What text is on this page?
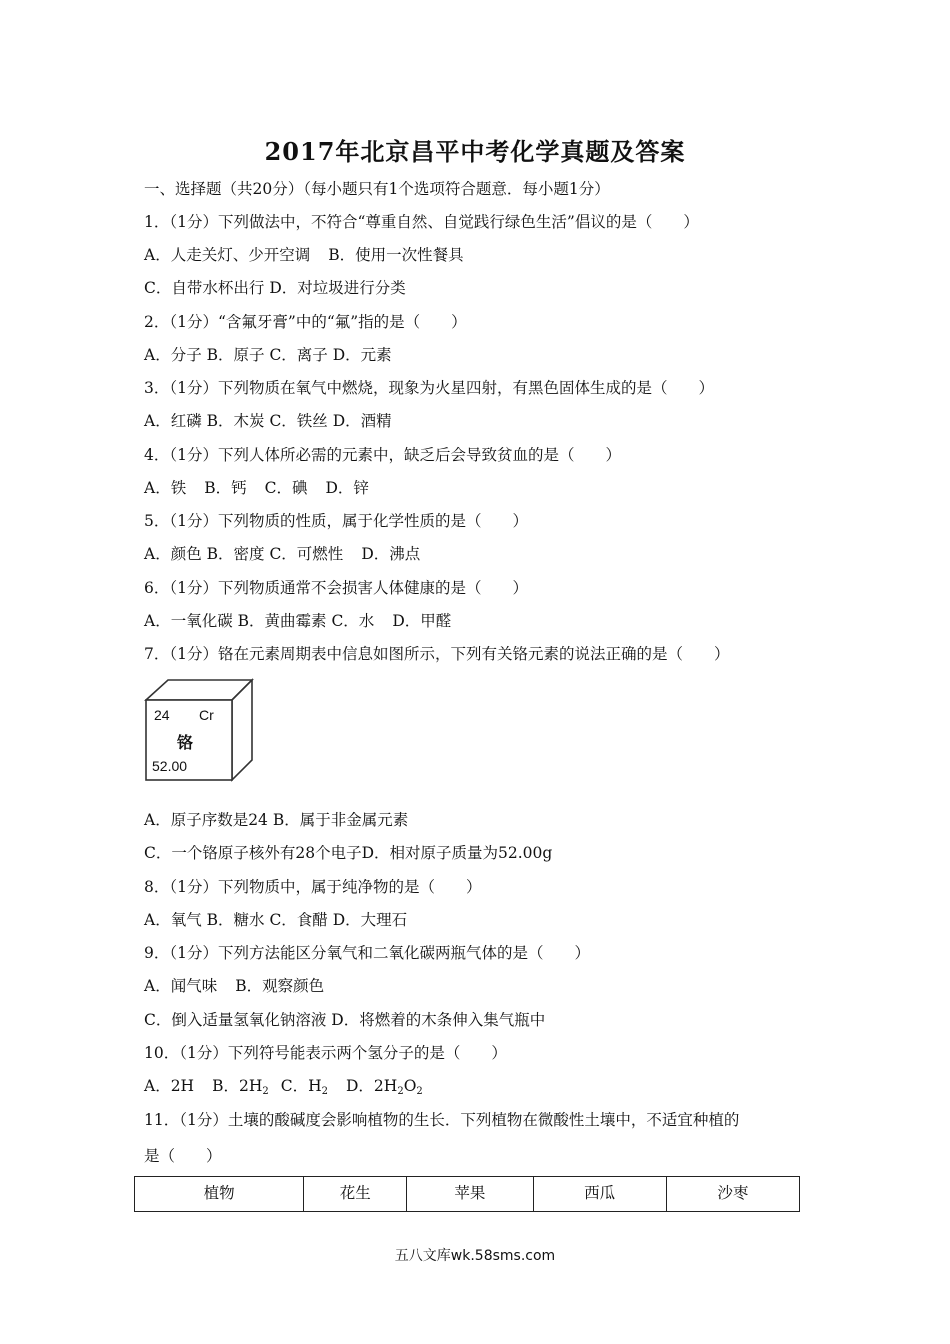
2017年北京昌平中考化学真题及答案
一、选择题（共20分）（每小题只有1个选项符合题意．每小题1分）
1．（1分）下列做法中，不符合“尊重自然、自觉践行绿色生活”倡议的是（　　）
A．人走关灯、少开空调 B．使用一次性餐具
C．自带水杯出行 D．对垃圾进行分类
2．（1分）“含氟牙膏”中的“氟”指的是（　　）
A．分子 B．原子 C．离子 D．元素
3．（1分）下列物质在氧气中燃烧，现象为火星四射，有黑色固体生成的是（　　）
A．红磷 B．木炭 C．铁丝 D．酒精
4．（1分）下列人体所必需的元素中，缺乏后会导致贫血的是（　　）
A．铁 B．钙 C．碘 D．锌
5．（1分）下列物质的性质，属于化学性质的是（　　）
A．颜色 B．密度 C．可燃性 D．沸点
6．（1分）下列物质通常不会损害人体健康的是（　　）
A．一氧化碳 B．黄曲霉素 C．水 D．甲醛
7．（1分）铬在元素周期表中信息如图所示，下列有关铬元素的说法正确的是（　　）
24 Cr
铬
52.00
A．原子序数是24 B．属于非金属元素
C．一个铬原子核外有28个电子D．相对原子质量为52.00g
8．（1分）下列物质中，属于纯净物的是（　　）
A．氧气 B．糖水 C．食醋 D．大理石
9．（1分）下列方法能区分氧气和二氧化碳两瓶气体的是（　　）
A．闻气味 B．观察颜色
C．倒入适量氢氧化钠溶液 D．将燃着的木条伸入集气瓶中
10．（1分）下列符号能表示两个氢分子的是（　　）
A．2H B．$2H_2$ C．$H_2$ D．$2H_2O_2$
11．（1分）土壤的酸碱度会影响植物的生长．下列植物在微酸性土壤中，不适宜种植的
是（　　）
植物	花生	苹果	西瓜	沙枣
五八文库wk.58sms.com
